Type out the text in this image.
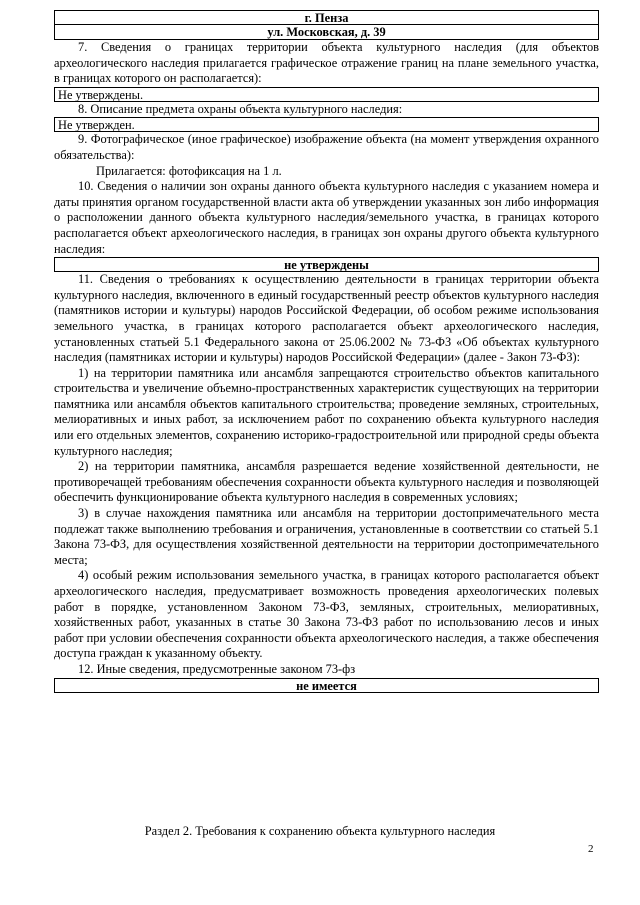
г. Пенза
ул. Московская, д. 39

7. Сведения о границах территории объекта культурного наследия (для объектов археологического наследия прилагается графическое отражение границ на плане земельного участка, в границах которого он располагается):

Не утверждены.

8. Описание предмета охраны объекта культурного наследия:

Не утвержден.

9. Фотографическое (иное графическое) изображение объекта (на момент утверждения охранного обязательства):

Прилагается: фотофиксация на 1 л.

10. Сведения о наличии зон охраны данного объекта культурного наследия с указанием номера и даты принятия органом государственной власти акта об утверждении указанных зон либо информация о расположении данного объекта культурного наследия/земельного участка, в границах которого располагается объект археологического наследия, в границах зон охраны другого объекта культурного наследия:

не утверждены

11. Сведения о требованиях к осуществлению деятельности в границах территории объекта культурного наследия, включенного в единый государственный реестр объектов культурного наследия (памятников истории и культуры) народов Российской Федерации, об особом режиме использования земельного участка, в границах которого располагается объект археологического наследия, установленных статьей 5.1 Федерального закона от 25.06.2002 № 73-ФЗ «Об объектах культурного наследия (памятниках истории и культуры) народов Российской Федерации» (далее - Закон 73-ФЗ):

1) на территории памятника или ансамбля запрещаются строительство объектов капитального строительства и увеличение объемно-пространственных характеристик существующих на территории памятника или ансамбля объектов капитального строительства; проведение земляных, строительных, мелиоративных и иных работ, за исключением работ по сохранению объекта культурного наследия или его отдельных элементов, сохранению историко-градостроительной или природной среды объекта культурного наследия;

2) на территории памятника, ансамбля разрешается ведение хозяйственной деятельности, не противоречащей требованиям обеспечения сохранности объекта культурного наследия и позволяющей обеспечить функционирование объекта культурного наследия в современных условиях;

3) в случае нахождения памятника или ансамбля на территории достопримечательного места подлежат также выполнению требования и ограничения, установленные в соответствии со статьей 5.1 Закона 73-ФЗ, для осуществления хозяйственной деятельности на территории достопримечательного места;

4) особый режим использования земельного участка, в границах которого располагается объект археологического наследия, предусматривает возможность проведения археологических полевых работ в порядке, установленном Законом 73-ФЗ, земляных, строительных, мелиоративных, хозяйственных работ, указанных в статье 30 Закона 73-ФЗ работ по использованию лесов и иных работ при условии обеспечения сохранности объекта археологического наследия, а также обеспечения доступа граждан к указанному объекту.

12. Иные сведения, предусмотренные законом 73-фз

не имеется
Раздел 2. Требования к сохранению объекта культурного наследия
2
